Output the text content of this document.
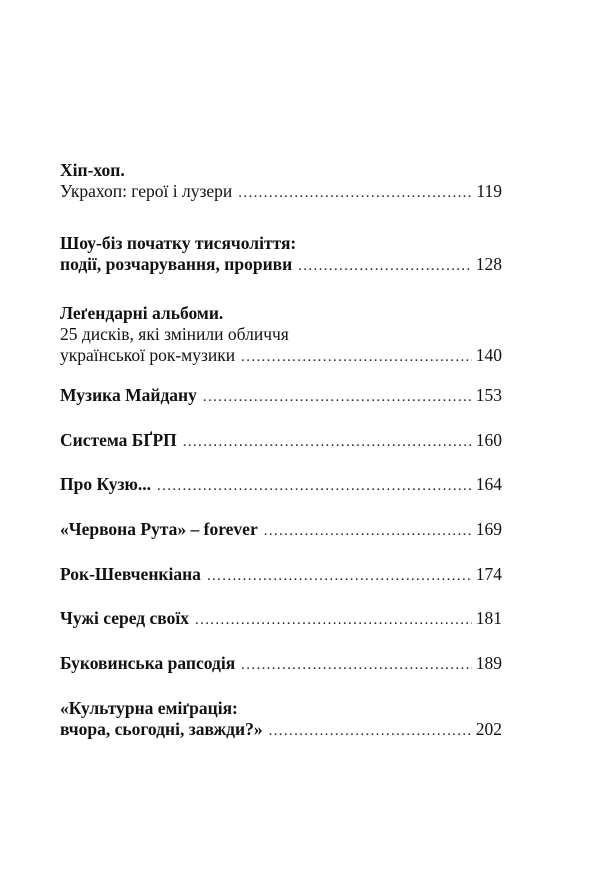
Хіп-хоп.
Укрaхоп: герої і лузери . . .	119
Шоу-біз початку тисячоліття:
події, розчарування, прориви . . .	128
Леґендарні альбоми.
25 дисків, які змінили обличчя
української рок-музики . . .	140
Музика Майдану . . .	153
Система БҐРП . . .	160
Про Кузю... . . .	164
«Червона Рута» – forever . . .	169
Рок-Шевченкіана . . .	174
Чужі серед своїх . . .	181
Буковинська рапсодія . . .	189
«Культурна еміґрація:
вчора, сьогодні, завжди?» . . .	202
